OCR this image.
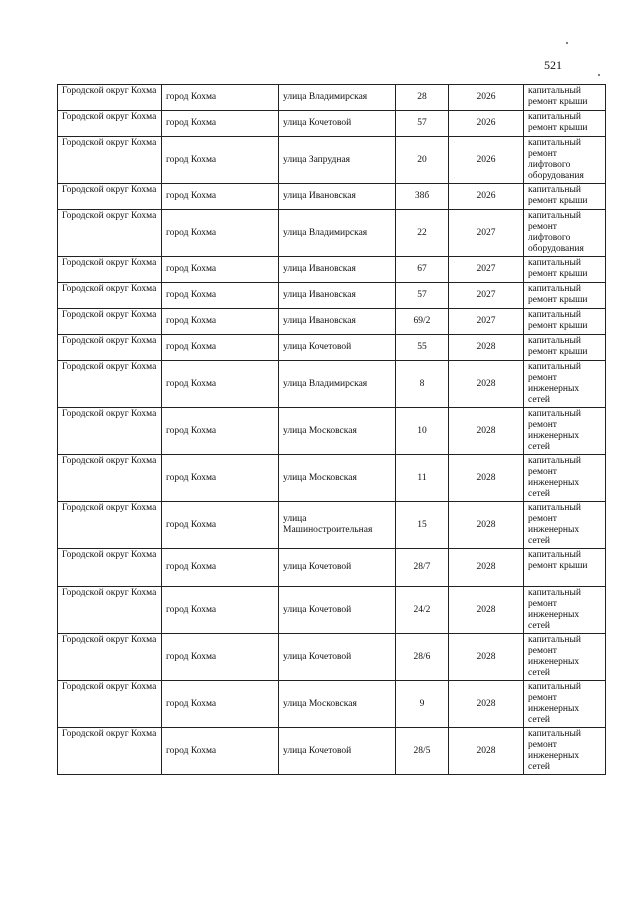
521
Городской округ Кохма	город Кохма	улица Владимирская	28	2026	капитальный ремонт крыши
Городской округ Кохма	город Кохма	улица Кочетовой	57	2026	капитальный ремонт крыши
Городской округ Кохма	город Кохма	улица Запрудная	20	2026	капитальный ремонт лифтового оборудования
Городской округ Кохма	город Кохма	улица Ивановская	38б	2026	капитальный ремонт крыши
Городской округ Кохма	город Кохма	улица Владимирская	22	2027	капитальный ремонт лифтового оборудования
Городской округ Кохма	город Кохма	улица Ивановская	67	2027	капитальный ремонт крыши
Городской округ Кохма	город Кохма	улица Ивановская	57	2027	капитальный ремонт крыши
Городской округ Кохма	город Кохма	улица Ивановская	69/2	2027	капитальный ремонт крыши
Городской округ Кохма	город Кохма	улица Кочетовой	55	2028	капитальный ремонт крыши
Городской округ Кохма	город Кохма	улица Владимирская	8	2028	капитальный ремонт инженерных сетей
Городской округ Кохма	город Кохма	улица Московская	10	2028	капитальный ремонт инженерных сетей
Городской округ Кохма	город Кохма	улица Московская	11	2028	капитальный ремонт инженерных сетей
Городской округ Кохма	город Кохма	улица Машиностроительная	15	2028	капитальный ремонт инженерных сетей
Городской округ Кохма	город Кохма	улица Кочетовой	28/7	2028	капитальный ремонт крыши
Городской округ Кохма	город Кохма	улица Кочетовой	24/2	2028	капитальный ремонт инженерных сетей
Городской округ Кохма	город Кохма	улица Кочетовой	28/6	2028	капитальный ремонт инженерных сетей
Городской округ Кохма	город Кохма	улица Московская	9	2028	капитальный ремонт инженерных сетей
Городской округ Кохма	город Кохма	улица Кочетовой	28/5	2028	капитальный ремонт инженерных сетей
